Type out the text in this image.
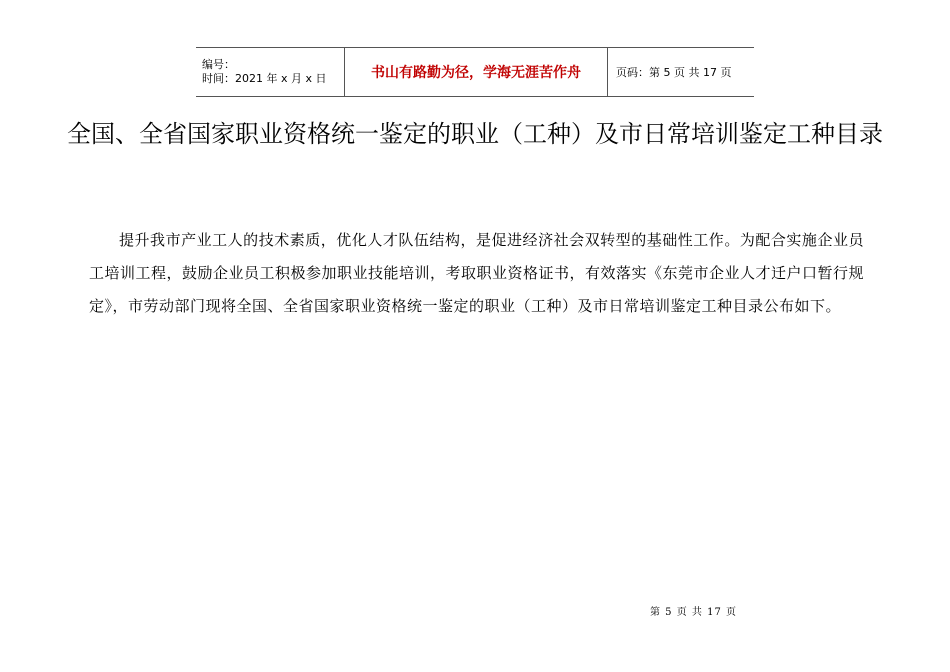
编号：
时间：2021 年 x 月 x 日	书山有路勤为径，学海无涯苦作舟	页码：第 5 页 共 17 页
全国、全省国家职业资格统一鉴定的职业（工种）及市日常培训鉴定工种目录

提升我市产业工人的技术素质，优化人才队伍结构，是促进经济社会双转型的基础性工作。为配合实施企业员工培训工程，鼓励企业员工积极参加职业技能培训，考取职业资格证书，有效落实《东莞市企业人才迁户口暂行规定》，市劳动部门现将全国、全省国家职业资格统一鉴定的职业（工种）及市日常培训鉴定工种目录公布如下。

第 5 页 共 17 页
